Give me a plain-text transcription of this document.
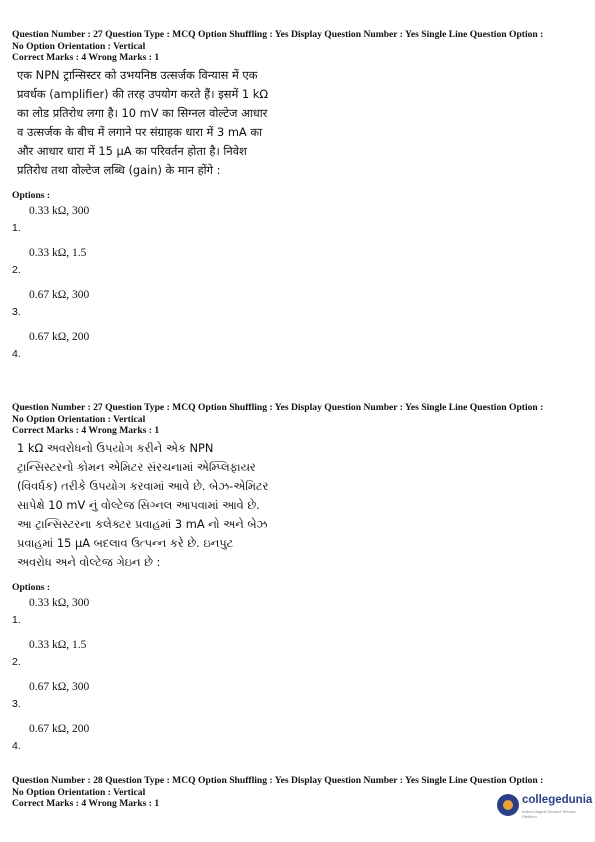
Question Number : 27 Question Type : MCQ Option Shuffling : Yes Display Question Number : Yes Single Line Question Option :
No Option Orientation : Vertical
Correct Marks : 4 Wrong Marks : 1
एक NPN ट्रान्सिस्टर को उभयनिष्ठ उत्सर्जक विन्यास में एक प्रवर्धक (amplifier) की तरह उपयोग करते हैं। इसमें 1 kΩ का लोड प्रतिरोध लगा है। 10 mV का सिग्नल वोल्टेज आधार व उत्सर्जक के बीच में लगाने पर संग्राहक धारा में 3 mA का और आधार धारा में 15 μA का परिवर्तन होता है। निवेश प्रतिरोध तथा वोल्टेज लब्धि (gain) के मान होंगे :
Options :
1.
0.33 kΩ, 300
2.
0.33 kΩ, 1.5
3.
0.67 kΩ, 300
4.
0.67 kΩ, 200
Question Number : 27 Question Type : MCQ Option Shuffling : Yes Display Question Number : Yes Single Line Question Option :
No Option Orientation : Vertical
Correct Marks : 4 Wrong Marks : 1
1 kΩ અવરોધનો ઉપયોગ કરીને એક NPN ટ્રાન્સિસ્ટરનો કોમન એમિટર સંરચનામાં એમ્પ્લિફાયર (વિવર્ધક) તરીકે ઉપયોગ કરવામાં આવે છે. બેઝ-એમિટર સાપેક્ષે 10 mV નું વોલ્ટેજ સિગ્નલ આપવામાં આવે છે. આ ટ્રાન્સિસ્ટરના કલેક્ટર પ્રવાહમાં 3 mA નો અને બેઝ પ્રવાહમાં 15 μA બદલાવ ઉત્પન્ન કરે છે. ઇનપુટ અવરોધ અને વોલ્ટેજ ગેઇન છે :
Options :
1.
0.33 kΩ, 300
2.
0.33 kΩ, 1.5
3.
0.67 kΩ, 300
4.
0.67 kΩ, 200
Question Number : 28 Question Type : MCQ Option Shuffling : Yes Display Question Number : Yes Single Line Question Option :
No Option Orientation : Vertical
Correct Marks : 4 Wrong Marks : 1	collegedunia
India's largest Student Review Platform
